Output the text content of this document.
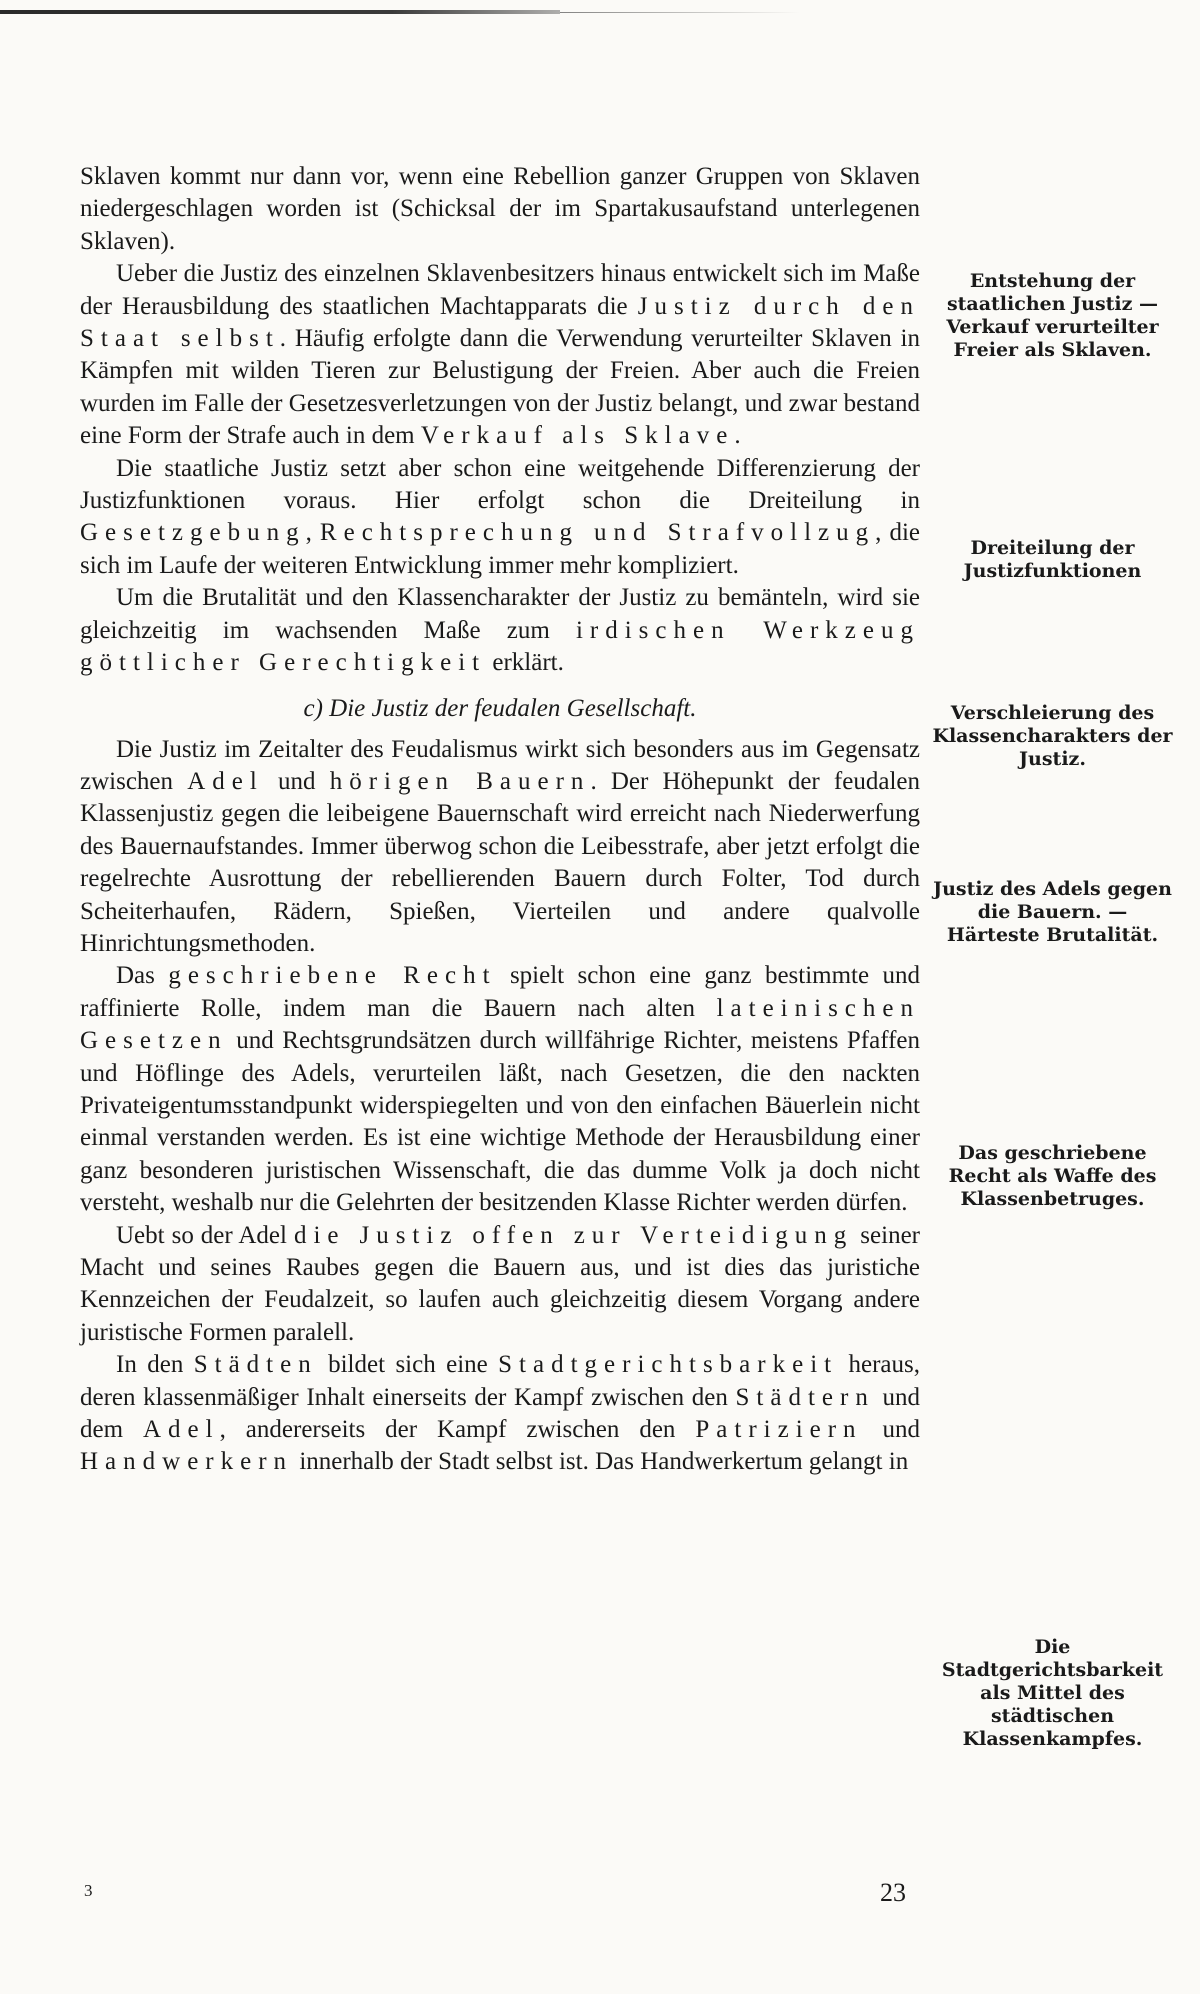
Sklaven kommt nur dann vor, wenn eine Rebellion ganzer Gruppen von Sklaven niedergeschlagen worden ist (Schicksal der im Spartakusaufstand unterlegenen Sklaven).

Ueber die Justiz des einzelnen Sklavenbesitzers hinaus entwickelt sich im Maße der Herausbildung des staatlichen Machtapparats die Justiz durch den Staat selbst. Häufig erfolgte dann die Verwendung verurteilter Sklaven in Kämpfen mit wilden Tieren zur Belustigung der Freien. Aber auch die Freien wurden im Falle der Gesetzesverletzungen von der Justiz belangt, und zwar bestand eine Form der Strafe auch in dem Verkauf als Sklave.

Die staatliche Justiz setzt aber schon eine weitgehende Differenzierung der Justizfunktionen voraus. Hier erfolgt schon die Dreiteilung in Gesetzgebung, Rechtsprechung und Strafvollzug, die sich im Laufe der weiteren Entwicklung immer mehr kompliziert.

Um die Brutalität und den Klassencharakter der Justiz zu bemänteln, wird sie gleichzeitig im wachsenden Maße zum irdischen Werkzeug göttlicher Gerechtigkeit erklärt.

c) Die Justiz der feudalen Gesellschaft.

Die Justiz im Zeitalter des Feudalismus wirkt sich besonders aus im Gegensatz zwischen Adel und hörigen Bauern. Der Höhepunkt der feudalen Klassenjustiz gegen die leibeigene Bauernschaft wird erreicht nach Niederwerfung des Bauernaufstandes. Immer überwog schon die Leibesstrafe, aber jetzt erfolgt die regelrechte Ausrottung der rebellierenden Bauern durch Folter, Tod durch Scheiterhaufen, Rädern, Spießen, Vierteilen und andere qualvolle Hinrichtungsmethoden.

Das geschriebene Recht spielt schon eine ganz bestimmte und raffinierte Rolle, indem man die Bauern nach alten lateinischen Gesetzen und Rechtsgrundsätzen durch willfährige Richter, meistens Pfaffen und Höflinge des Adels, verurteilen läßt, nach Gesetzen, die den nackten Privateigentumsstandpunkt widerspiegelten und von den einfachen Bäuerlein nicht einmal verstanden werden. Es ist eine wichtige Methode der Herausbildung einer ganz besonderen juristischen Wissenschaft, die das dumme Volk ja doch nicht versteht, weshalb nur die Gelehrten der besitzenden Klasse Richter werden dürfen.

Uebt so der Adel die Justiz offen zur Verteidigung seiner Macht und seines Raubes gegen die Bauern aus, und ist dies das juristiche Kennzeichen der Feudalzeit, so laufen auch gleichzeitig diesem Vorgang andere juristische Formen paralell.

In den Städten bildet sich eine Stadtgerichtsbarkeit heraus, deren klassenmäßiger Inhalt einerseits der Kampf zwischen den Städtern und dem Adel, andererseits der Kampf zwischen den Patriziern und Handwerkern innerhalb der Stadt selbst ist. Das Handwerkertum gelangt in

Entstehung der staatlichen Justiz — Verkauf verurteilter Freier als Sklaven.

Dreiteilung der Justizfunktionen

Verschleierung des Klassencharakters der Justiz.

Justiz des Adels gegen die Bauern. — Härteste Brutalität.

Das geschriebene Recht als Waffe des Klassenbetruges.

Die Stadtgerichtsbarkeit als Mittel des städtischen Klassenkampfes.

3	23
